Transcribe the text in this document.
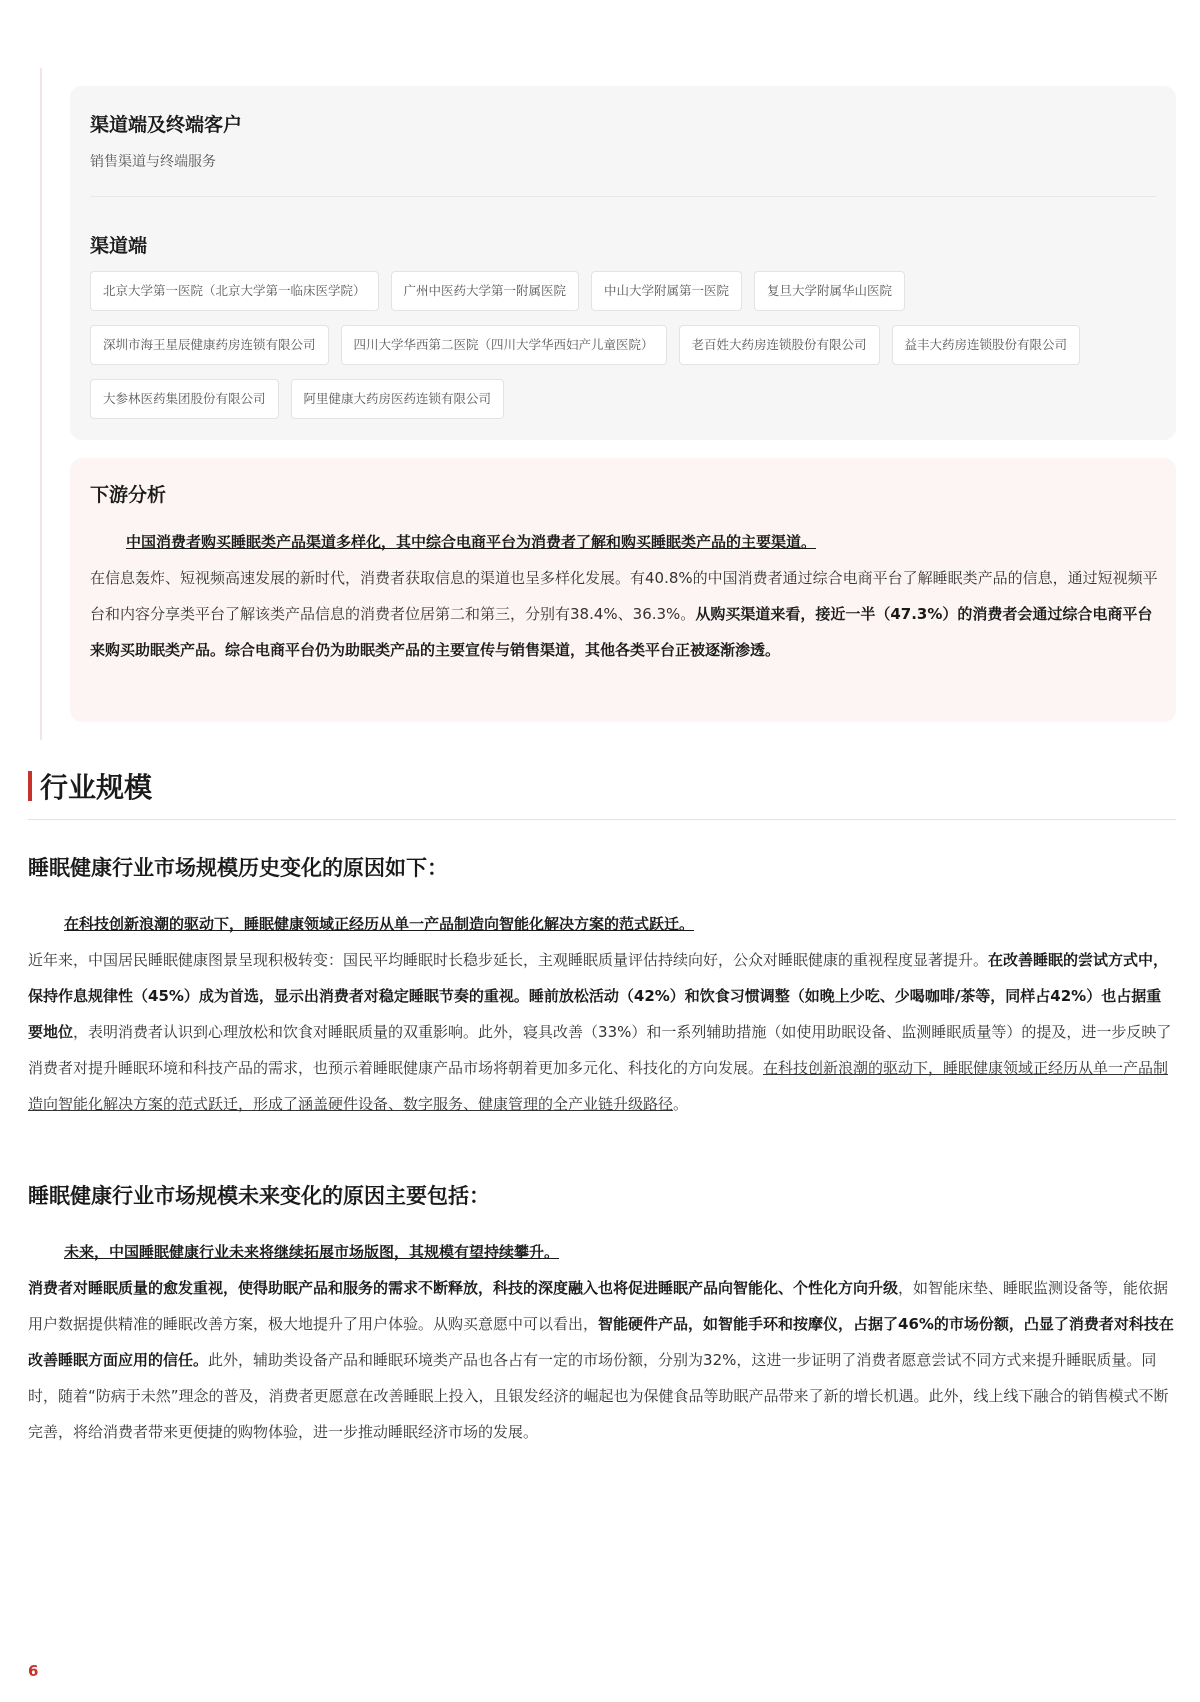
渠道端及终端客户
销售渠道与终端服务
渠道端
北京大学第一医院（北京大学第一临床医学院）	广州中医药大学第一附属医院	中山大学附属第一医院	复旦大学附属华山医院
深圳市海王星辰健康药房连锁有限公司	四川大学华西第二医院（四川大学华西妇产儿童医院）	老百姓大药房连锁股份有限公司	益丰大药房连锁股份有限公司
大参林医药集团股份有限公司	阿里健康大药房医药连锁有限公司
下游分析

中国消费者购买睡眠类产品渠道多样化，其中综合电商平台为消费者了解和购买睡眠类产品的主要渠道。

在信息轰炸、短视频高速发展的新时代，消费者获取信息的渠道也呈多样化发展。有40.8%的中国消费者通过综合电商平台了解睡眠类产品的信息，通过短视频平台和内容分享类平台了解该类产品信息的消费者位居第二和第三，分别有38.4%、36.3%。从购买渠道来看，接近一半（47.3%）的消费者会通过综合电商平台来购买助眠类产品。综合电商平台仍为助眠类产品的主要宣传与销售渠道，其他各类平台正被逐渐渗透。

行业规模
睡眠健康行业市场规模历史变化的原因如下：

在科技创新浪潮的驱动下，睡眠健康领域正经历从单一产品制造向智能化解决方案的范式跃迁。

近年来，中国居民睡眠健康图景呈现积极转变：国民平均睡眠时长稳步延长，主观睡眠质量评估持续向好，公众对睡眠健康的重视程度显著提升。在改善睡眠的尝试方式中，保持作息规律性（45%）成为首选，显示出消费者对稳定睡眠节奏的重视。睡前放松活动（42%）和饮食习惯调整（如晚上少吃、少喝咖啡/茶等，同样占42%）也占据重要地位，表明消费者认识到心理放松和饮食对睡眠质量的双重影响。此外，寝具改善（33%）和一系列辅助措施（如使用助眠设备、监测睡眠质量等）的提及，进一步反映了消费者对提升睡眠环境和科技产品的需求，也预示着睡眠健康产品市场将朝着更加多元化、科技化的方向发展。在科技创新浪潮的驱动下，睡眠健康领域正经历从单一产品制造向智能化解决方案的范式跃迁，形成了涵盖硬件设备、数字服务、健康管理的全产业链升级路径。

睡眠健康行业市场规模未来变化的原因主要包括：

未来，中国睡眠健康行业未来将继续拓展市场版图，其规模有望持续攀升。

消费者对睡眠质量的愈发重视，使得助眠产品和服务的需求不断释放，科技的深度融入也将促进睡眠产品向智能化、个性化方向升级，如智能床垫、睡眠监测设备等，能依据用户数据提供精准的睡眠改善方案，极大地提升了用户体验。从购买意愿中可以看出，智能硬件产品，如智能手环和按摩仪，占据了46%的市场份额，凸显了消费者对科技在改善睡眠方面应用的信任。此外，辅助类设备产品和睡眠环境类产品也各占有一定的市场份额，分别为32%，这进一步证明了消费者愿意尝试不同方式来提升睡眠质量。同时，随着“防病于未然”理念的普及，消费者更愿意在改善睡眠上投入，且银发经济的崛起也为保健食品等助眠产品带来了新的增长机遇。此外，线上线下融合的销售模式不断完善，将给消费者带来更便捷的购物体验，进一步推动睡眠经济市场的发展。

6
